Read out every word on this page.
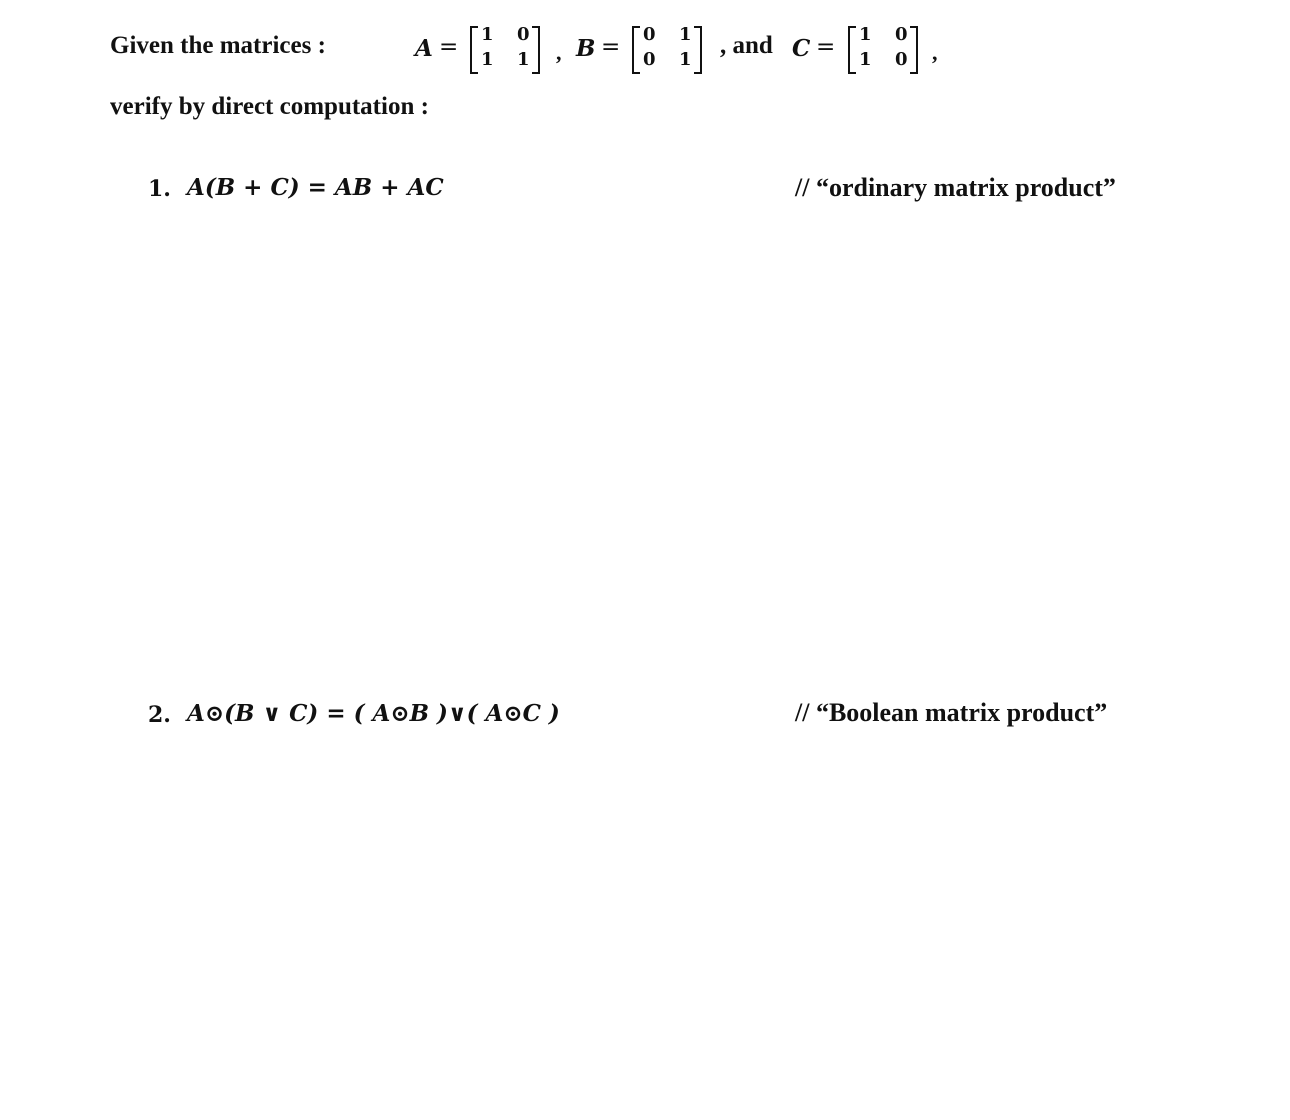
Given the matrices :	A = 1 0
1 1 , B = 0 1
0 1
, and C = 1 0
1 0 ,
verify by direct computation :
1. A(B + C) = AB + AC	// “ordinary matrix product”
2. A⊙(B ∨ C) = ( A⊙B )∨( A⊙C )	// “Boolean matrix product”
